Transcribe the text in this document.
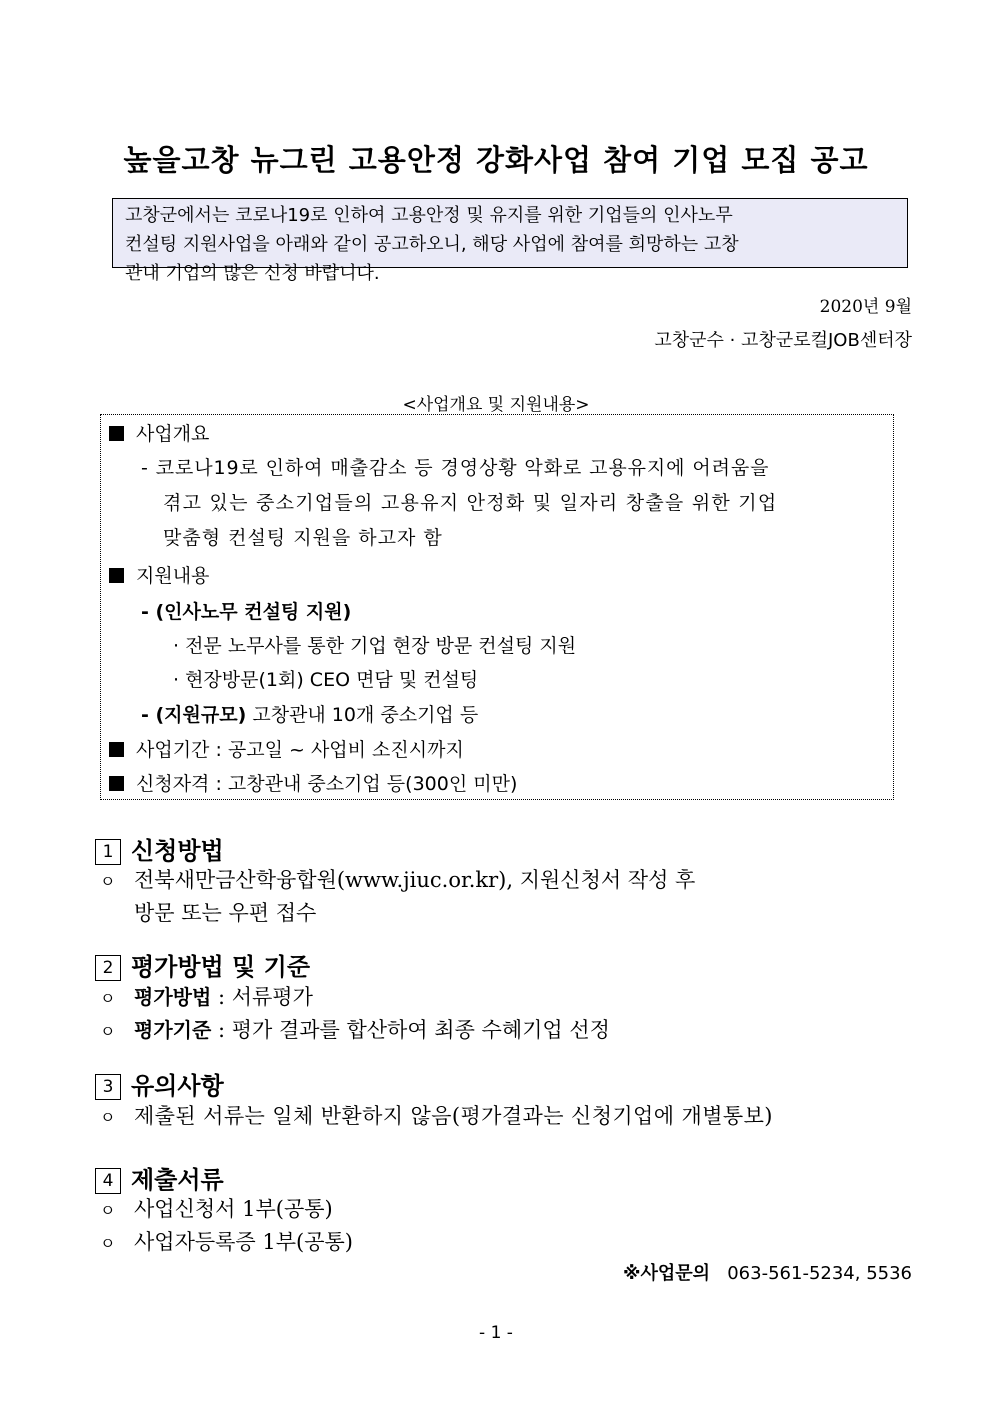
높을고창 뉴그린 고용안정 강화사업 참여 기업 모집 공고

고창군에서는 코로나19로 인하여 고용안정 및 유지를 위한 기업들의 인사노무

컨설팅 지원사업을 아래와 같이 공고하오니, 해당 사업에 참여를 희망하는 고창

관내 기업의 많은 신청 바랍니다.

2020년 9월
고창군수 · 고창군로컬JOB센터장
<사업개요 및 지원내용>
사업개요
- 코로나19로 인하여 매출감소 등 경영상황 악화로 고용유지에 어려움을
겪고 있는 중소기업들의 고용유지 안정화 및 일자리 창출을 위한 기업
맞춤형 컨설팅 지원을 하고자 함
지원내용
- (인사노무 컨설팅 지원)
· 전문 노무사를 통한 기업 현장 방문 컨설팅 지원
· 현장방문(1회) CEO 면담 및 컨설팅
- (지원규모) 고창관내 10개 중소기업 등
사업기간 : 공고일 ~ 사업비 소진시까지
신청자격 : 고창관내 중소기업 등(300인 미만)
1 신청방법
ㅇ 전북새만금산학융합원(www.jiuc.or.kr), 지원신청서 작성 후
방문 또는 우편 접수
2 평가방법 및 기준
ㅇ 평가방법 : 서류평가
ㅇ 평가기준 : 평가 결과를 합산하여 최종 수혜기업 선정
3 유의사항
ㅇ 제출된 서류는 일체 반환하지 않음(평가결과는 신청기업에 개별통보)
4 제출서류
ㅇ 사업신청서 1부(공통)
ㅇ 사업자등록증 1부(공통)
※사업문의 063-561-5234, 5536
- 1 -
